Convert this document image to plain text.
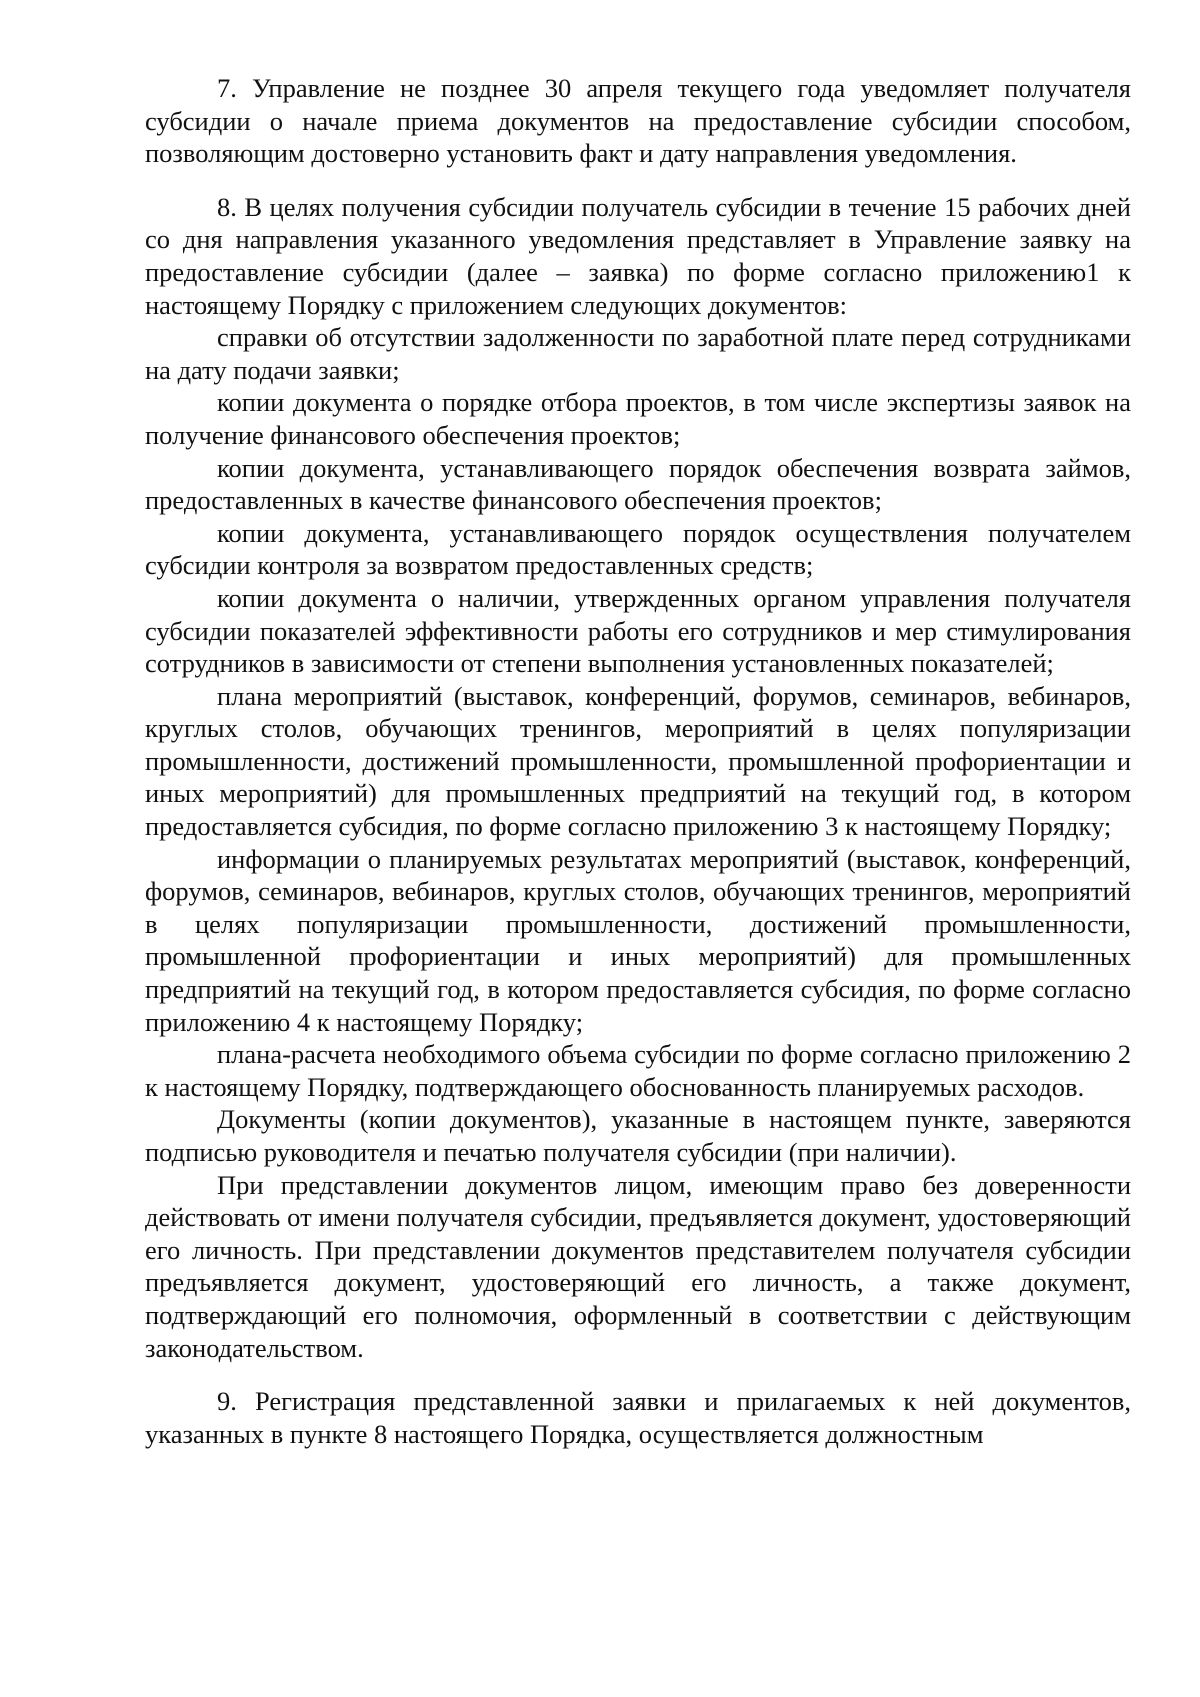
7. Управление не позднее 30 апреля текущего года уведомляет получателя субсидии о начале приема документов на предоставление субсидии способом, позволяющим достоверно установить факт и дату направления уведомления.

8. В целях получения субсидии получатель субсидии в течение 15 рабочих дней со дня направления указанного уведомления представляет в Управление заявку на предоставление субсидии (далее – заявка) по форме согласно приложению1 к настоящему Порядку с приложением следующих документов:

справки об отсутствии задолженности по заработной плате перед сотрудниками на дату подачи заявки;

копии документа о порядке отбора проектов, в том числе экспертизы заявок на получение финансового обеспечения проектов;

копии документа, устанавливающего порядок обеспечения возврата займов, предоставленных в качестве финансового обеспечения проектов;

копии документа, устанавливающего порядок осуществления получателем субсидии контроля за возвратом предоставленных средств;

копии документа о наличии, утвержденных органом управления получателя субсидии показателей эффективности работы его сотрудников и мер стимулирования сотрудников в зависимости от степени выполнения установленных показателей;

плана мероприятий (выставок, конференций, форумов, семинаров, вебинаров, круглых столов, обучающих тренингов, мероприятий в целях популяризации промышленности, достижений промышленности, промышленной профориентации и иных мероприятий) для промышленных предприятий на текущий год, в котором предоставляется субсидия, по форме согласно приложению 3 к настоящему Порядку;

информации о планируемых результатах мероприятий (выставок, конференций, форумов, семинаров, вебинаров, круглых столов, обучающих тренингов, мероприятий в целях популяризации промышленности, достижений промышленности, промышленной профориентации и иных мероприятий) для промышленных предприятий на текущий год, в котором предоставляется субсидия, по форме согласно приложению 4 к настоящему Порядку;

плана-расчета необходимого объема субсидии по форме согласно приложению 2 к настоящему Порядку, подтверждающего обоснованность планируемых расходов.

Документы (копии документов), указанные в настоящем пункте, заверяются подписью руководителя и печатью получателя субсидии (при наличии).

При представлении документов лицом, имеющим право без доверенности действовать от имени получателя субсидии, предъявляется документ, удостоверяющий его личность. При представлении документов представителем получателя субсидии предъявляется документ, удостоверяющий его личность, а также документ, подтверждающий его полномочия, оформленный в соответствии с действующим законодательством.

9. Регистрация представленной заявки и прилагаемых к ней документов, указанных в пункте 8 настоящего Порядка, осуществляется должностным
